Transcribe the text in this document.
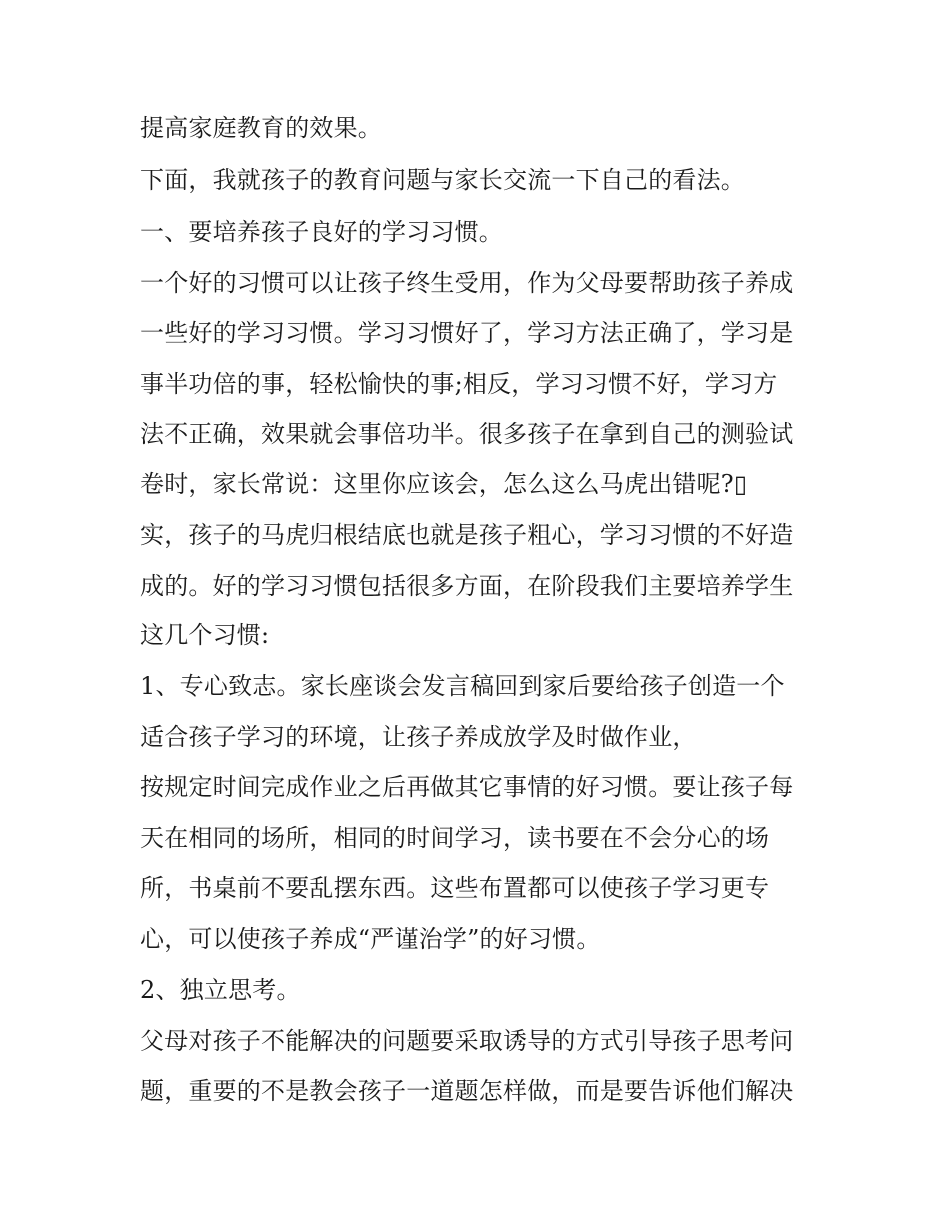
提高家庭教育的效果。
下面，我就孩子的教育问题与家长交流一下自己的看法。
一、要培养孩子良好的学习习惯。
一个好的习惯可以让孩子终生受用，作为父母要帮助孩子养成
一些好的学习习惯。学习习惯好了，学习方法正确了，学习是
事半功倍的事，轻松愉快的事;相反，学习习惯不好，学习方
法不正确，效果就会事倍功半。很多孩子在拿到自己的测验试
卷时，家长常说：这里你应该会，怎么这么马虎出错呢?▯
实，孩子的马虎归根结底也就是孩子粗心，学习习惯的不好造
成的。好的学习习惯包括很多方面，在阶段我们主要培养学生
这几个习惯:
1、专心致志。家长座谈会发言稿回到家后要给孩子创造一个
适合孩子学习的环境，让孩子养成放学及时做作业，
按规定时间完成作业之后再做其它事情的好习惯。要让孩子每
天在相同的场所，相同的时间学习，读书要在不会分心的场
所，书桌前不要乱摆东西。这些布置都可以使孩子学习更专
心，可以使孩子养成“严谨治学”的好习惯。
2、独立思考。
父母对孩子不能解决的问题要采取诱导的方式引导孩子思考问
题，重要的不是教会孩子一道题怎样做，而是要告诉他们解决
